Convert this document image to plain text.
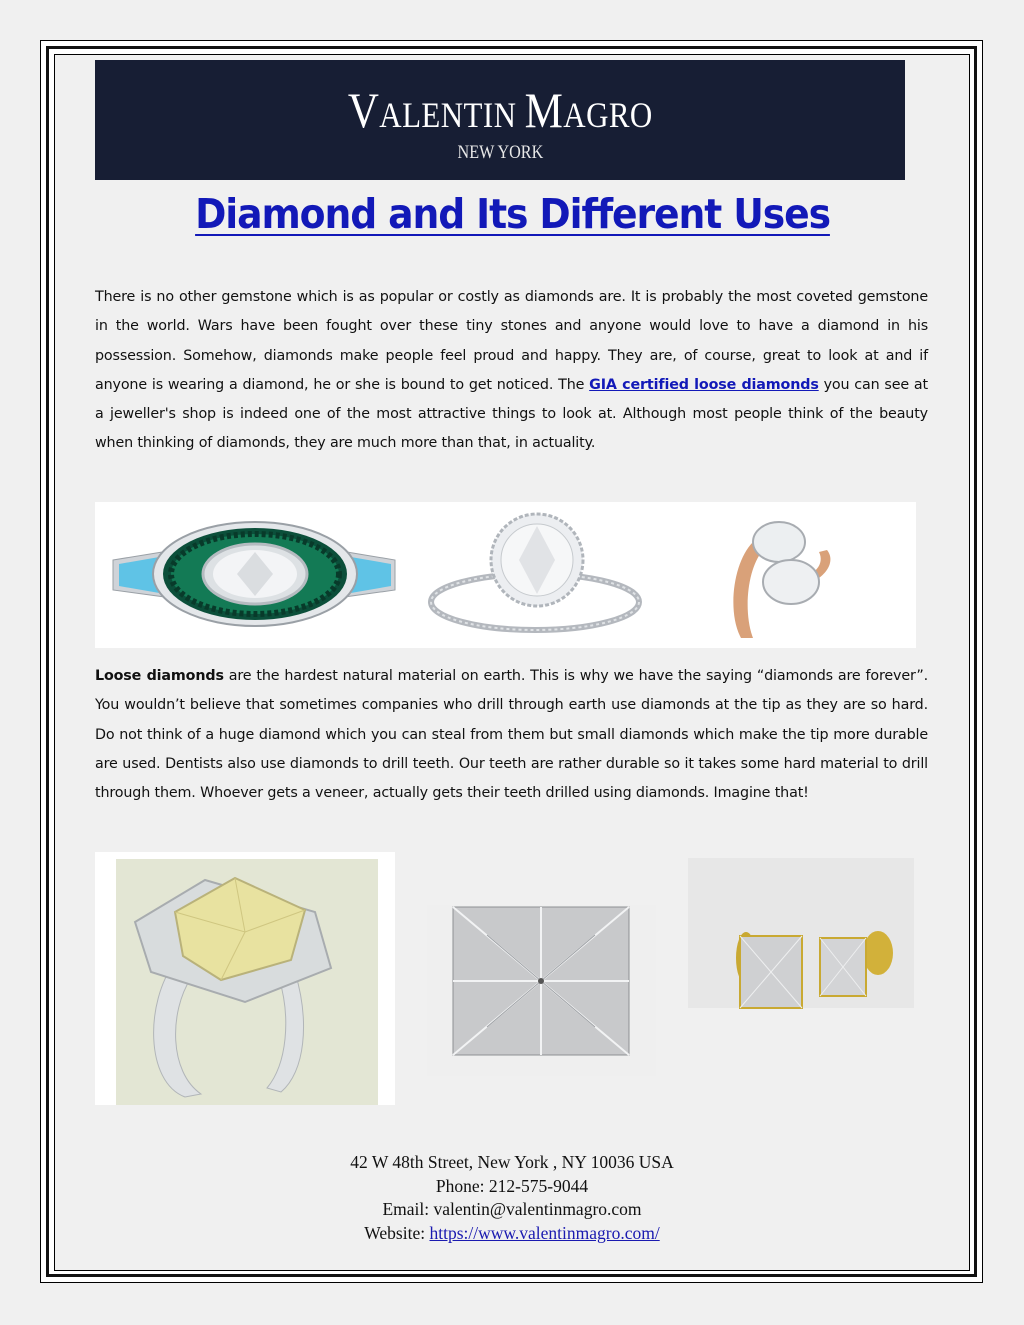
VALENTIN MAGRO
NEW YORK
Diamond and Its Different Uses

There is no other gemstone which is as popular or costly as diamonds are. It is probably the most coveted gemstone in the world. Wars have been fought over these tiny stones and anyone would love to have a diamond in his possession. Somehow, diamonds make people feel proud and happy. They are, of course, great to look at and if anyone is wearing a diamond, he or she is bound to get noticed. The GIA certified loose diamonds you can see at a jeweller's shop is indeed one of the most attractive things to look at. Although most people think of the beauty when thinking of diamonds, they are much more than that, in actuality.

Loose diamonds are the hardest natural material on earth. This is why we have the saying “diamonds are forever”. You wouldn’t believe that sometimes companies who drill through earth use diamonds at the tip as they are so hard. Do not think of a huge diamond which you can steal from them but small diamonds which make the tip more durable are used. Dentists also use diamonds to drill teeth. Our teeth are rather durable so it takes some hard material to drill through them. Whoever gets a veneer, actually gets their teeth drilled using diamonds. Imagine that!

42 W 48th Street, New York , NY 10036 USA
Phone: 212-575-9044
Email: valentin@valentinmagro.com
Website: https://www.valentinmagro.com/
